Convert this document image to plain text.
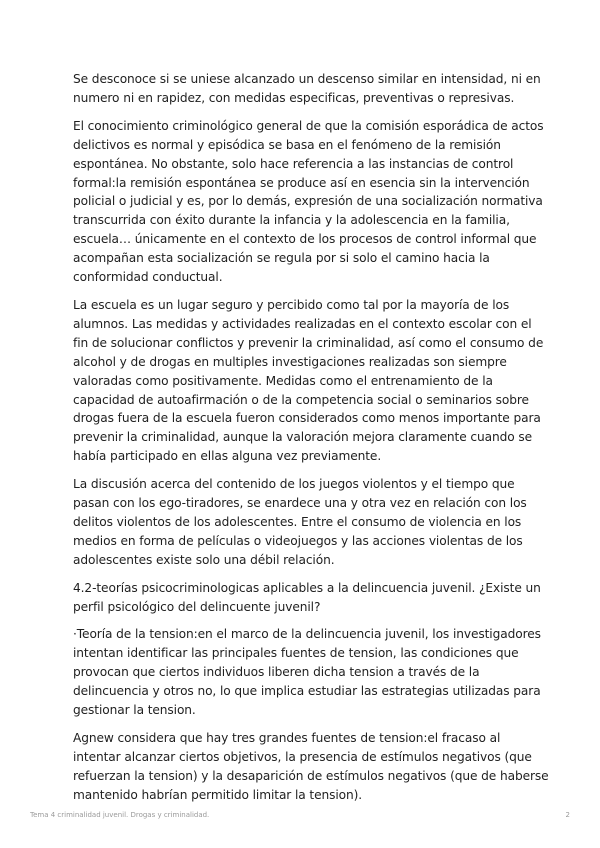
Se desconoce si se uniese alcanzado un descenso similar en intensidad, ni en numero ni en rapidez, con medidas especificas, preventivas o represivas.

El conocimiento criminológico general de que la comisión esporádica de actos delictivos es normal y episódica se basa en el fenómeno de la remisión espontánea. No obstante, solo hace referencia a las instancias de control formal:la remisión espontánea se produce así en esencia sin la intervención policial o judicial y es, por lo demás, expresión de una socialización normativa transcurrida con éxito durante la infancia y la adolescencia en la familia, escuela… únicamente en el contexto de los procesos de control informal que acompañan esta socialización se regula por si solo el camino hacia la conformidad conductual.

La escuela es un lugar seguro y percibido como tal por la mayoría de los alumnos. Las medidas y actividades realizadas en el contexto escolar con el fin de solucionar conflictos y prevenir la criminalidad, así como el consumo de alcohol y de drogas en multiples investigaciones realizadas son siempre valoradas como positivamente. Medidas como el entrenamiento de la capacidad de autoafirmación o de la competencia social o seminarios sobre drogas fuera de la escuela fueron considerados como menos importante para prevenir la criminalidad, aunque la valoración mejora claramente cuando se había participado en ellas alguna vez previamente.

La discusión acerca del contenido de los juegos violentos y el tiempo que pasan con los ego-tiradores, se enardece una y otra vez en relación con los delitos violentos de los adolescentes. Entre el consumo de violencia en los medios en forma de películas o videojuegos y las acciones violentas de los adolescentes existe solo una débil relación.

4.2-teorías psicocriminologicas aplicables a la delincuencia juvenil. ¿Existe un perfil psicológico del delincuente juvenil?

·Teoría de la tension:en el marco de la delincuencia juvenil, los investigadores intentan identificar las principales fuentes de tension, las condiciones que provocan que ciertos individuos liberen dicha tension a través de la delincuencia y otros no, lo que implica estudiar las estrategias utilizadas para gestionar la tension.

Agnew considera que hay tres grandes fuentes de tension:el fracaso al intentar alcanzar ciertos objetivos, la presencia de estímulos negativos (que refuerzan la tension) y la desaparición de estímulos negativos (que de haberse mantenido habrían permitido limitar la tension).

Tema 4 criminalidad juvenil. Drogas y criminalidad.	2
